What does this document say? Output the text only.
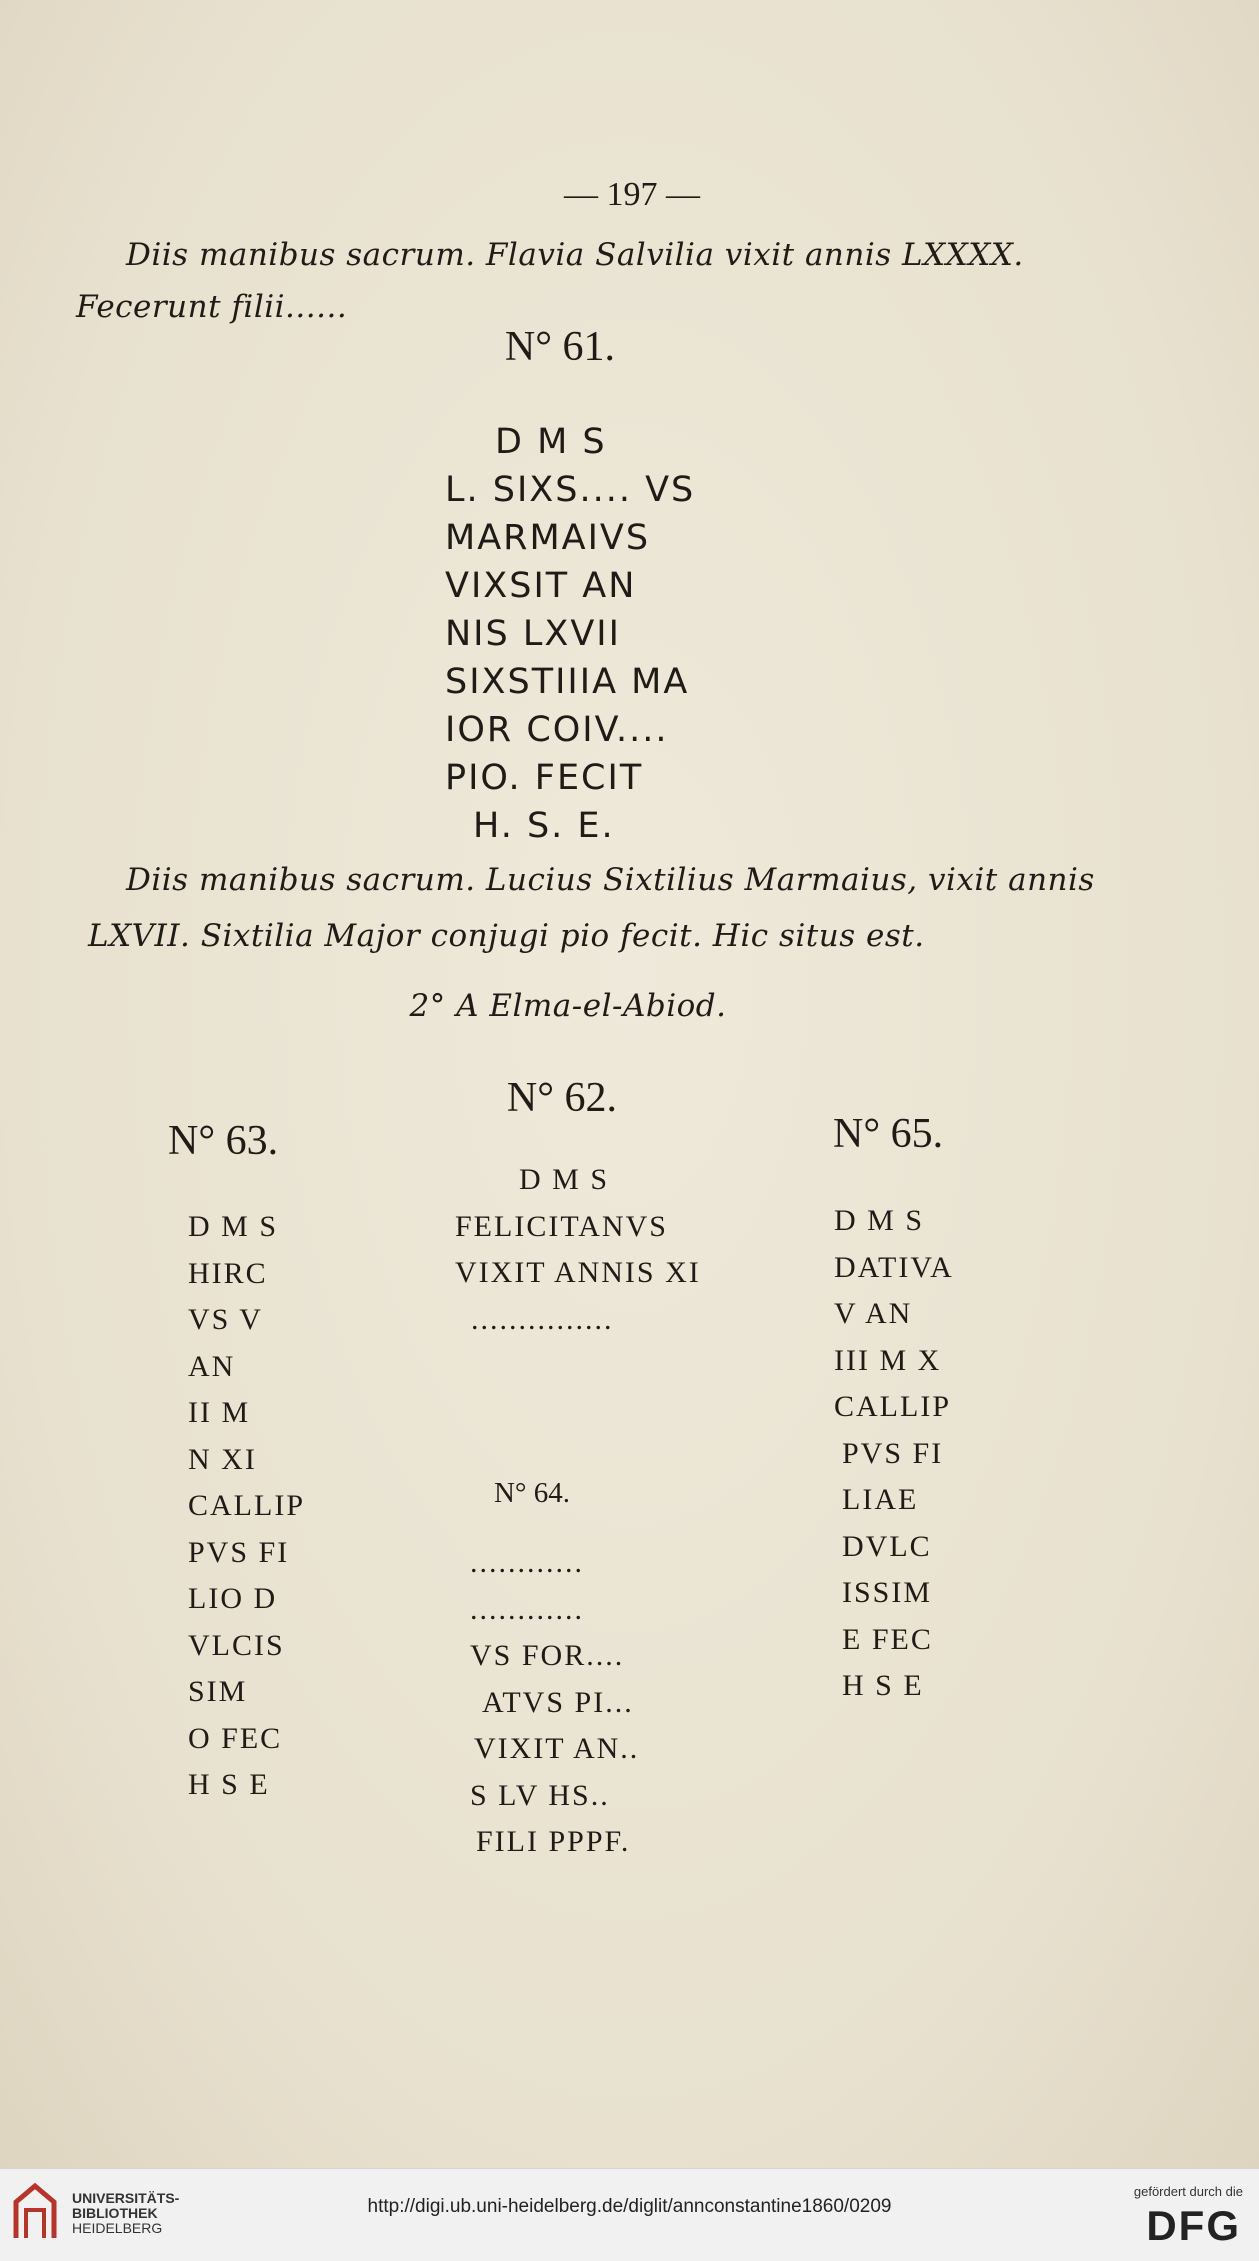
— 197 —
Diis manibus sacrum. Flavia Salvilia vixit annis LXXXX.
Fecerunt filii......
N° 61.
D M S
L. SIXS.... VS
MARMAIVS
VIXSIT AN
NIS LXVII
SIXSTIIIA MA
IOR COIV....
PIO. FECIT
H. S. E.
Diis manibus sacrum. Lucius Sixtilius Marmaius, vixit annis
LXVII. Sixtilia Major conjugi pio fecit. Hic situs est.
2° A Elma-el-Abiod.
N° 62.
D M S
FELICITANVS
VIXIT ANNIS XI
...............
N° 63.
D M S
HIRC
VS V
AN
II M
N XI
CALLIP
PVS FI
LIO D
VLCIS
SIM
O FEC
H S E
N° 64.
............
............
VS FOR....
ATVS PI...
VIXIT AN..
S LV HS..
FILI PPPF.
N° 65.
D M S
DATIVA
V AN
III M X
CALLIP
PVS FI
LIAE
DVLC
ISSIM
E FEC
H S E
UNIVERSITÄTS-
BIBLIOTHEK
HEIDELBERG
http://digi.ub.uni-heidelberg.de/diglit/annconstantine1860/0209
gefördert durch die
DFG
